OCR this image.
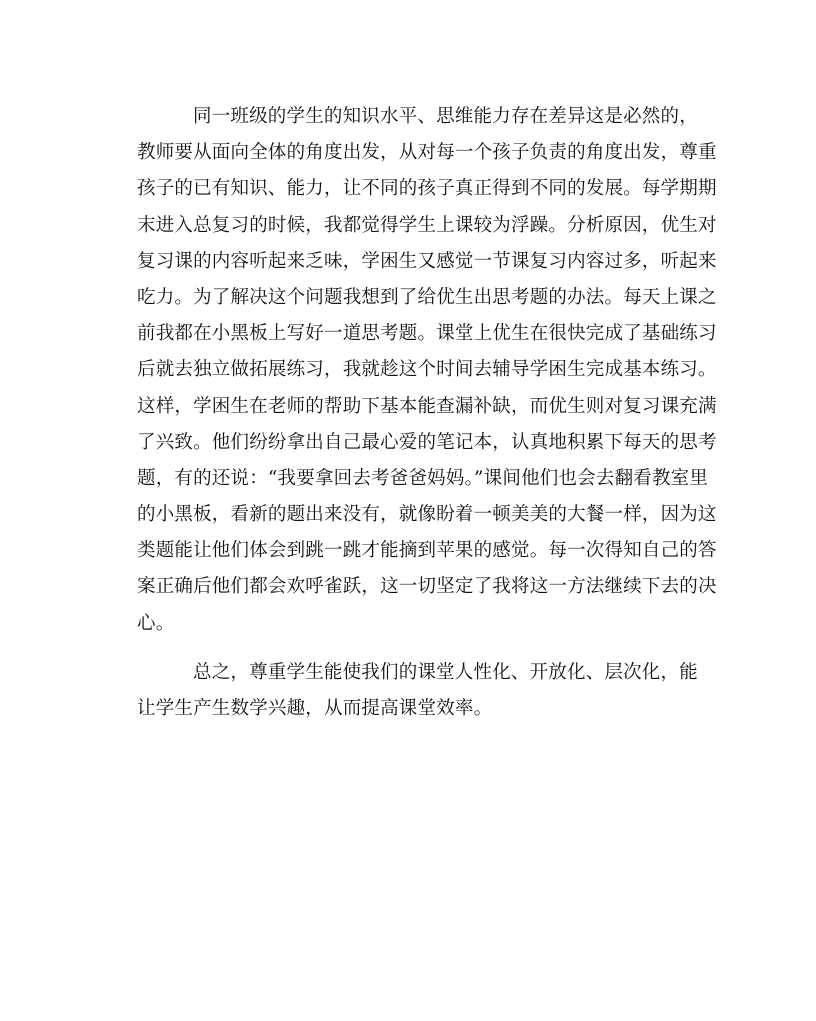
同一班级的学生的知识水平、思维能力存在差异这是必然的，
教师要从面向全体的角度出发，从对每一个孩子负责的角度出发，尊重
孩子的已有知识、能力，让不同的孩子真正得到不同的发展。每学期期
末进入总复习的时候，我都觉得学生上课较为浮躁。分析原因，优生对
复习课的内容听起来乏味，学困生又感觉一节课复习内容过多，听起来
吃力。为了解决这个问题我想到了给优生出思考题的办法。每天上课之
前我都在小黑板上写好一道思考题。课堂上优生在很快完成了基础练习
后就去独立做拓展练习，我就趁这个时间去辅导学困生完成基本练习。
这样，学困生在老师的帮助下基本能查漏补缺，而优生则对复习课充满
了兴致。他们纷纷拿出自己最心爱的笔记本，认真地积累下每天的思考
题，有的还说：“我要拿回去考爸爸妈妈。”课间他们也会去翻看教室里
的小黑板，看新的题出来没有，就像盼着一顿美美的大餐一样，因为这
类题能让他们体会到跳一跳才能摘到苹果的感觉。每一次得知自己的答
案正确后他们都会欢呼雀跃，这一切坚定了我将这一方法继续下去的决
心。
总之，尊重学生能使我们的课堂人性化、开放化、层次化，能
让学生产生数学兴趣，从而提高课堂效率。
